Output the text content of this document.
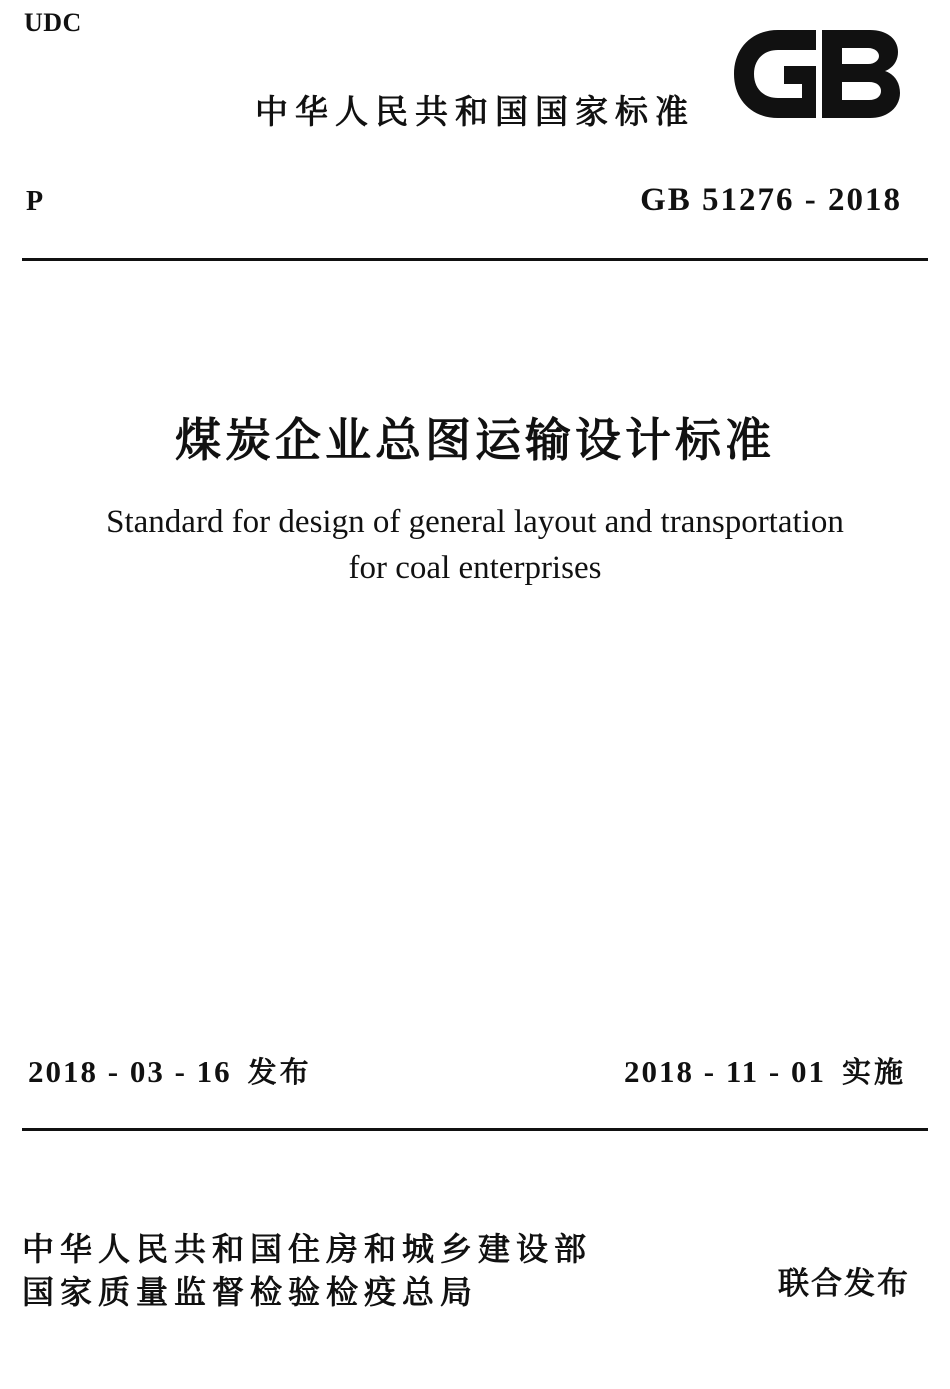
UDC
中华人民共和国国家标准
P	GB 51276 - 2018
煤炭企业总图运输设计标准
Standard for design of general layout and transportation
for coal enterprises
2018 - 03 - 16 发布	2018 - 11 - 01 实施
中华人民共和国住房和城乡建设部
国家质量监督检验检疫总局	联合发布
